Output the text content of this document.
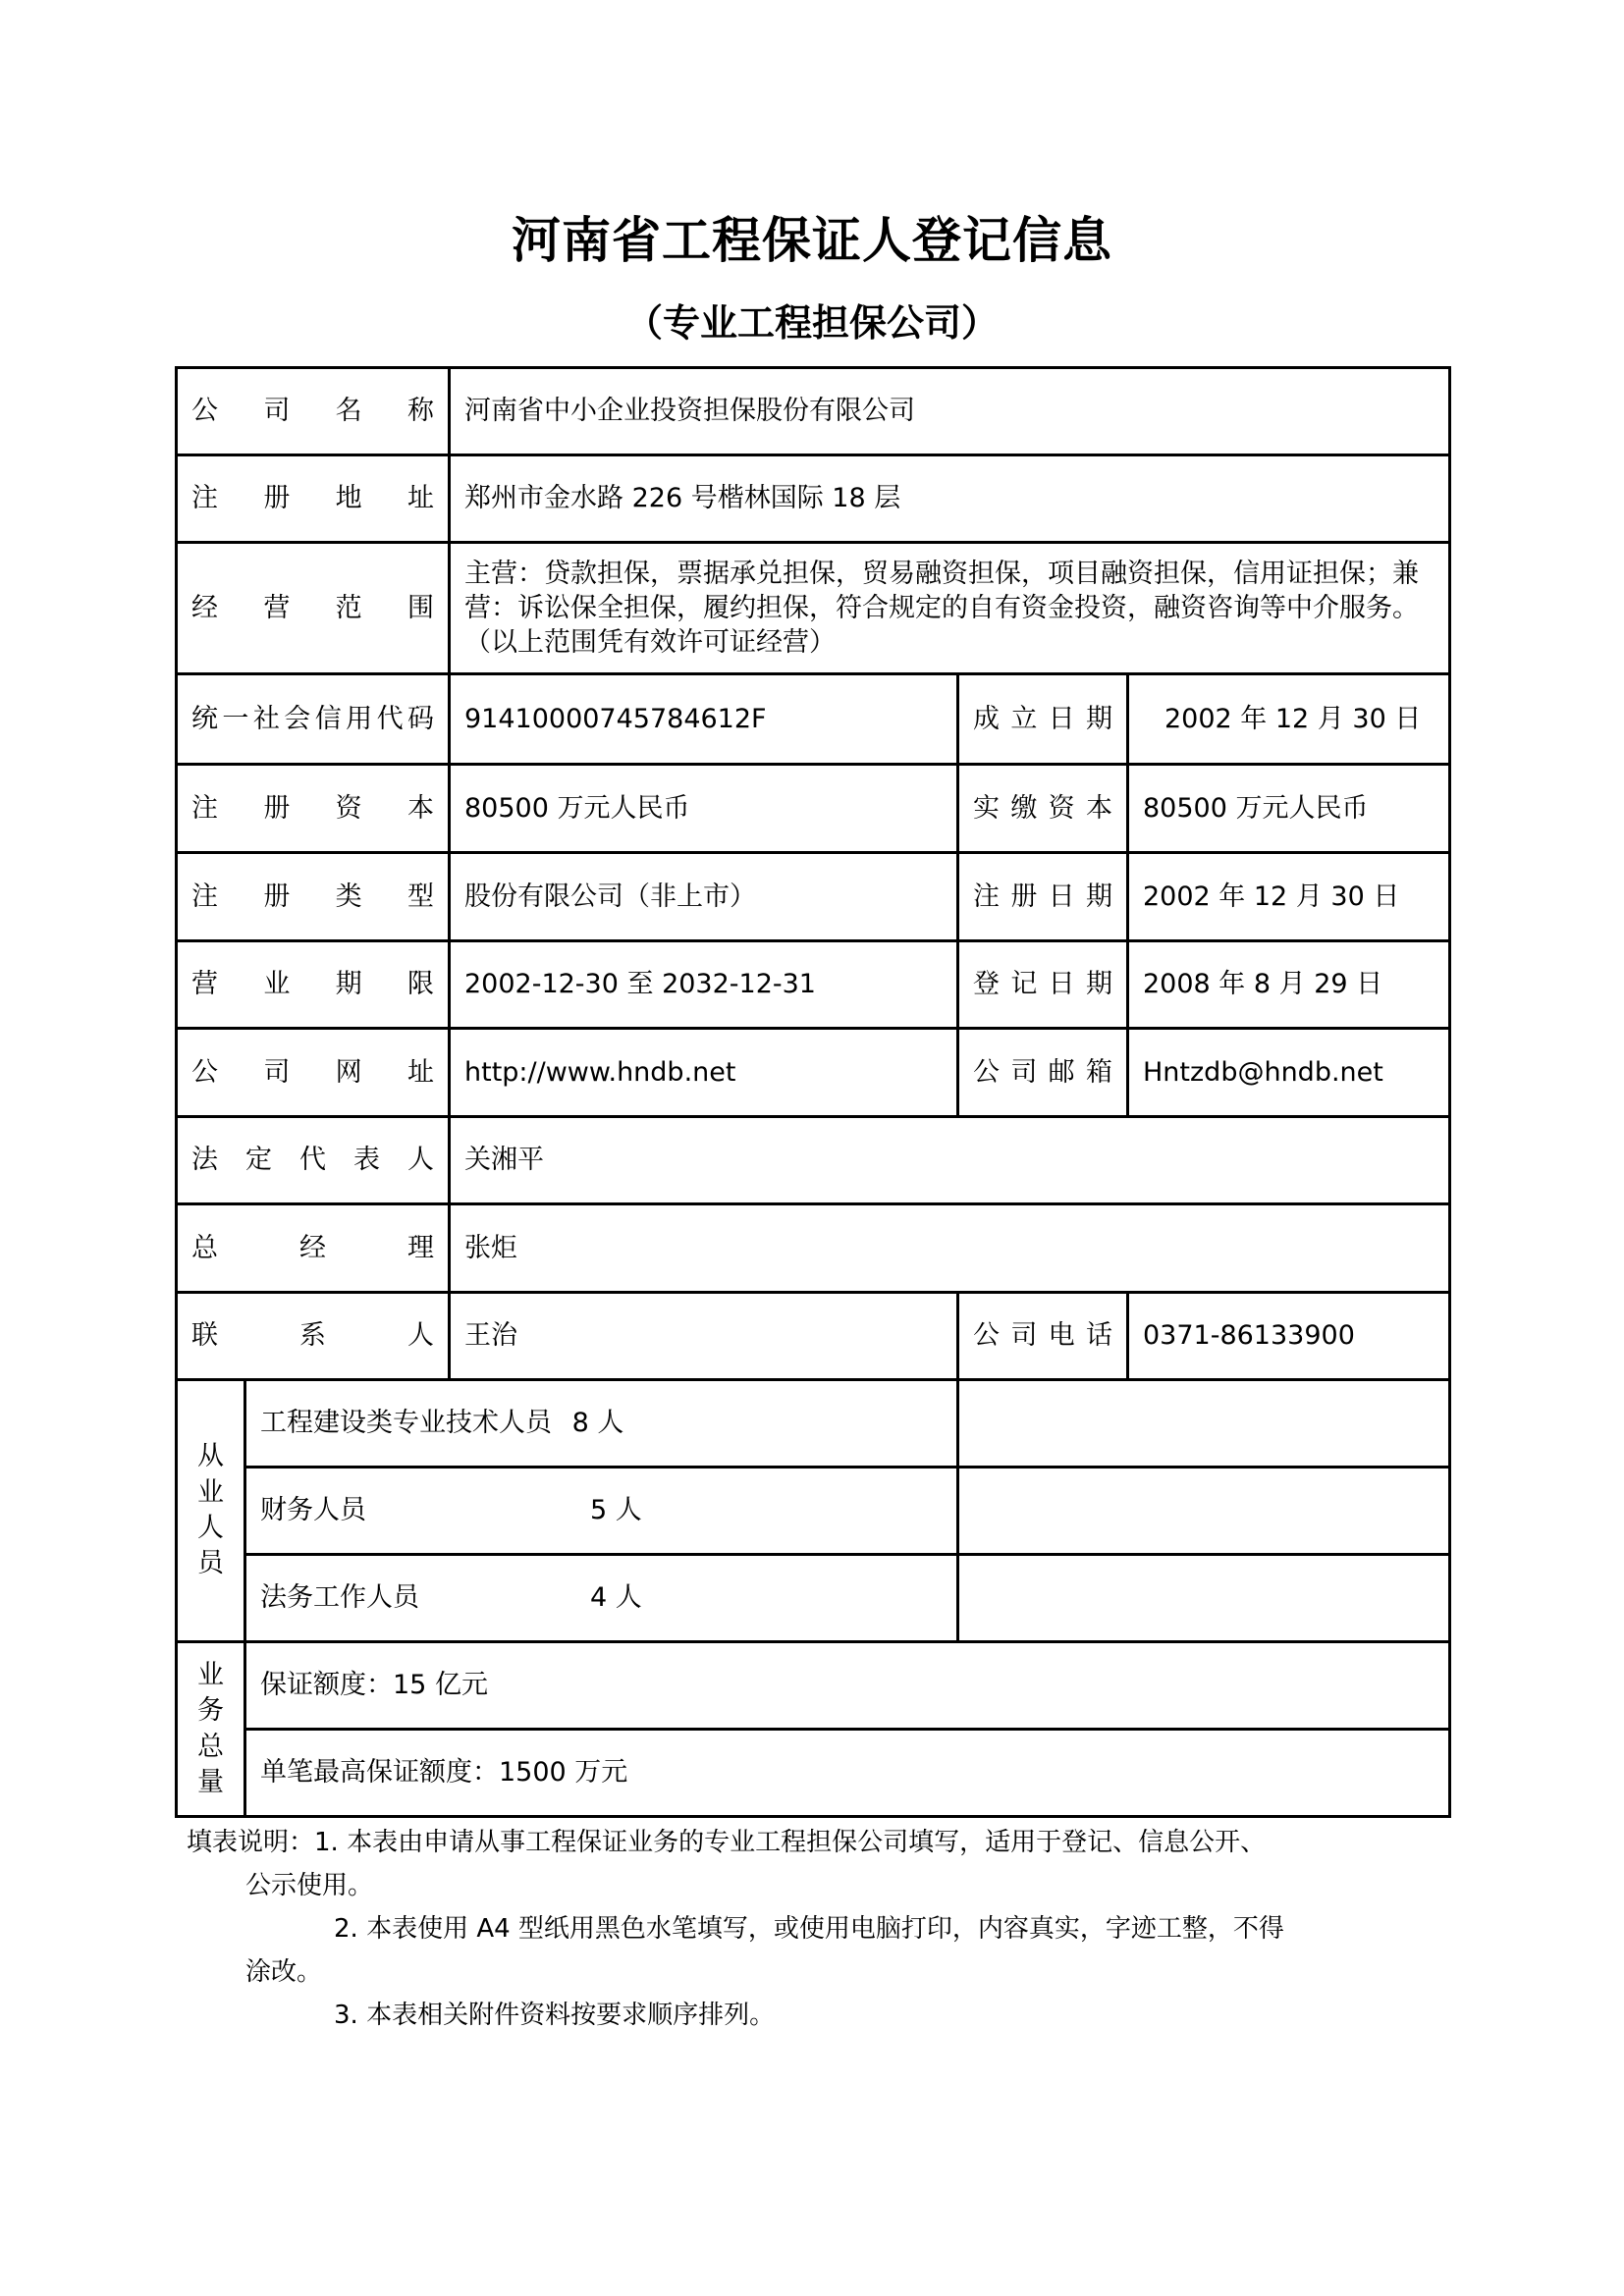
河南省工程保证人登记信息
（专业工程担保公司）
公司名称		河南省中小企业投资担保股份有限公司		
注册地址		郑州市金水路 226 号楷林国际 18 层		
经营范围		主营：贷款担保，票据承兑担保，贸易融资担保，项目融资担保，信用证担保；兼营：诉讼保全担保，履约担保，符合规定的自有资金投资，融资咨询等中介服务。（以上范围凭有效许可证经营）		
统一社会信用代码		91410000745784612F	成立日期	2002 年 12 月 30 日
注册资本		80500 万元人民币	实缴资本	80500 万元人民币
注册类型		股份有限公司（非上市）	注册日期	2002 年 12 月 30 日
营业期限		2002-12-30 至 2032-12-31	登记日期	2008 年 8 月 29 日
公司网址		http://www.hndb.net	公司邮箱	Hntzdb@hndb.net
法定代表人		关湘平		
总经理		张炬		
联系人		王治	公司电话	0371-86133900

从
业
人
员	工程建设类专业技术人员 8 人			
	财务人员 5 人			
	法务工作人员 4 人			

业
务
总
量	保证额度：15 亿元			
	单笔最高保证额度：1500 万元			
填表说明：1. 本表由申请从事工程保证业务的专业工程担保公司填写，适用于登记、信息公开、
公示使用。
2. 本表使用 A4 型纸用黑色水笔填写，或使用电脑打印，内容真实，字迹工整，不得
涂改。
3. 本表相关附件资料按要求顺序排列。
